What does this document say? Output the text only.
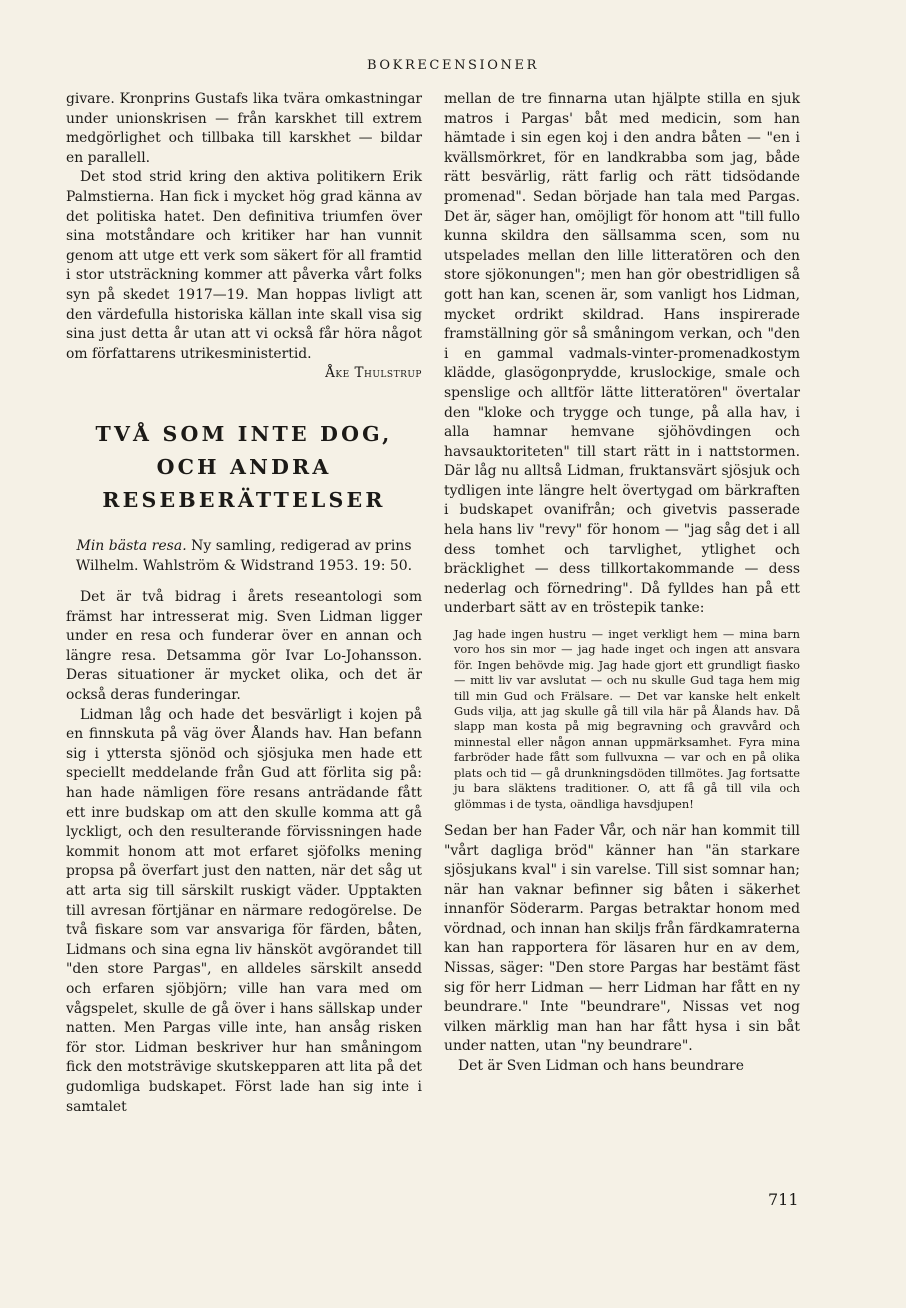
BOKRECENSIONER

givare. Kronprins Gustafs lika tvära omkastningar under unionskrisen — från karskhet till extrem medgörlighet och tillbaka till karskhet — bildar en parallell.

Det stod strid kring den aktiva politikern Erik Palmstierna. Han fick i mycket hög grad känna av det politiska hatet. Den definitiva triumfen över sina motståndare och kritiker har han vunnit genom att utge ett verk som säkert för all framtid i stor utsträckning kommer att påverka vårt folks syn på skedet 1917—19. Man hoppas livligt att den värdefulla historiska källan inte skall visa sig sina just detta år utan att vi också får höra något om författarens utrikesministertid.

Åke Thulstrup

TVÅ SOM INTE DOG, OCH ANDRA RESEBERÄTTELSER
Min bästa resa. Ny samling, redigerad av prins Wilhelm. Wahlström & Widstrand 1953. 19: 50.

Det är två bidrag i årets reseantologi som främst har intresserat mig. Sven Lidman ligger under en resa och funderar över en annan och längre resa. Detsamma gör Ivar Lo-Johansson. Deras situationer är mycket olika, och det är också deras funderingar.

Lidman låg och hade det besvärligt i kojen på en finnskuta på väg över Ålands hav. Han befann sig i yttersta sjönöd och sjösjuka men hade ett speciellt meddelande från Gud att förlita sig på: han hade nämligen före resans anträdande fått ett inre budskap om att den skulle komma att gå lyckligt, och den resulterande förvissningen hade kommit honom att mot erfaret sjöfolks mening propsa på överfart just den natten, när det såg ut att arta sig till särskilt ruskigt väder. Upptakten till avresan förtjänar en närmare redogörelse. De två fiskare som var ansvariga för färden, båten, Lidmans och sina egna liv hänsköt avgörandet till "den store Pargas", en alldeles särskilt ansedd och erfaren sjöbjörn; ville han vara med om vågspelet, skulle de gå över i hans sällskap under natten. Men Pargas ville inte, han ansåg risken för stor. Lidman beskriver hur han småningom fick den motsträvige skutskepparen att lita på det gudomliga budskapet. Först lade han sig inte i samtalet

mellan de tre finnarna utan hjälpte stilla en sjuk matros i Pargas' båt med medicin, som han hämtade i sin egen koj i den andra båten — "en i kvällsmörkret, för en landkrabba som jag, både rätt besvärlig, rätt farlig och rätt tidsödande promenad". Sedan började han tala med Pargas. Det är, säger han, omöjligt för honom att "till fullo kunna skildra den sällsamma scen, som nu utspelades mellan den lille litteratören och den store sjökonungen"; men han gör obestridligen så gott han kan, scenen är, som vanligt hos Lidman, mycket ordrikt skildrad. Hans inspirerade framställning gör så småningom verkan, och "den i en gammal vadmals-vinter-promenadkostym klädde, glasögonprydde, kruslockige, smale och spenslige och alltför lätte litteratören" övertalar den "kloke och trygge och tunge, på alla hav, i alla hamnar hemvane sjöhövdingen och havsauktoriteten" till start rätt in i nattstormen. Där låg nu alltså Lidman, fruktansvärt sjösjuk och tydligen inte längre helt övertygad om bärkraften i budskapet ovanifrån; och givetvis passerade hela hans liv "revy" för honom — "jag såg det i all dess tomhet och tarvlighet, ytlighet och bräcklighet — dess tillkortakommande — dess nederlag och förnedring". Då fylldes han på ett underbart sätt av en tröstерik tanke:

Jag hade ingen hustru — inget verkligt hem — mina barn voro hos sin mor — jag hade inget och ingen att ansvara för. Ingen behövde mig. Jag hade gjort ett grundligt fiasko — mitt liv var avslutat — och nu skulle Gud taga hem mig till min Gud och Frälsare. — Det var kanske helt enkelt Guds vilja, att jag skulle gå till vila här på Ålands hav. Då slapp man kosta på mig begravning och gravvård och minnestal eller någon annan uppmärksamhet. Fyra mina farbröder hade fått som fullvuxna — var och en på olika plats och tid — gå drunkningsdöden tillmötes. Jag fortsatte ju bara släktens traditioner. O, att få gå till vila och glömmas i de tysta, oändliga havsdjupen!

Sedan ber han Fader Vår, och när han kommit till "vårt dagliga bröd" känner han "än starkare sjösjukans kval" i sin varelse. Till sist somnar han; när han vaknar befinner sig båten i säkerhet innanför Söderarm. Pargas betraktar honom med vördnad, och innan han skiljs från färdkamraterna kan han rapportera för läsaren hur en av dem, Nissas, säger: "Den store Pargas har bestämt fäst sig för herr Lidman — herr Lidman har fått en ny beundrare." Inte "beundrare", Nissas vet nog vilken märklig man han har fått hysa i sin båt under natten, utan "ny beundrare".

Det är Sven Lidman och hans beundrare

711
